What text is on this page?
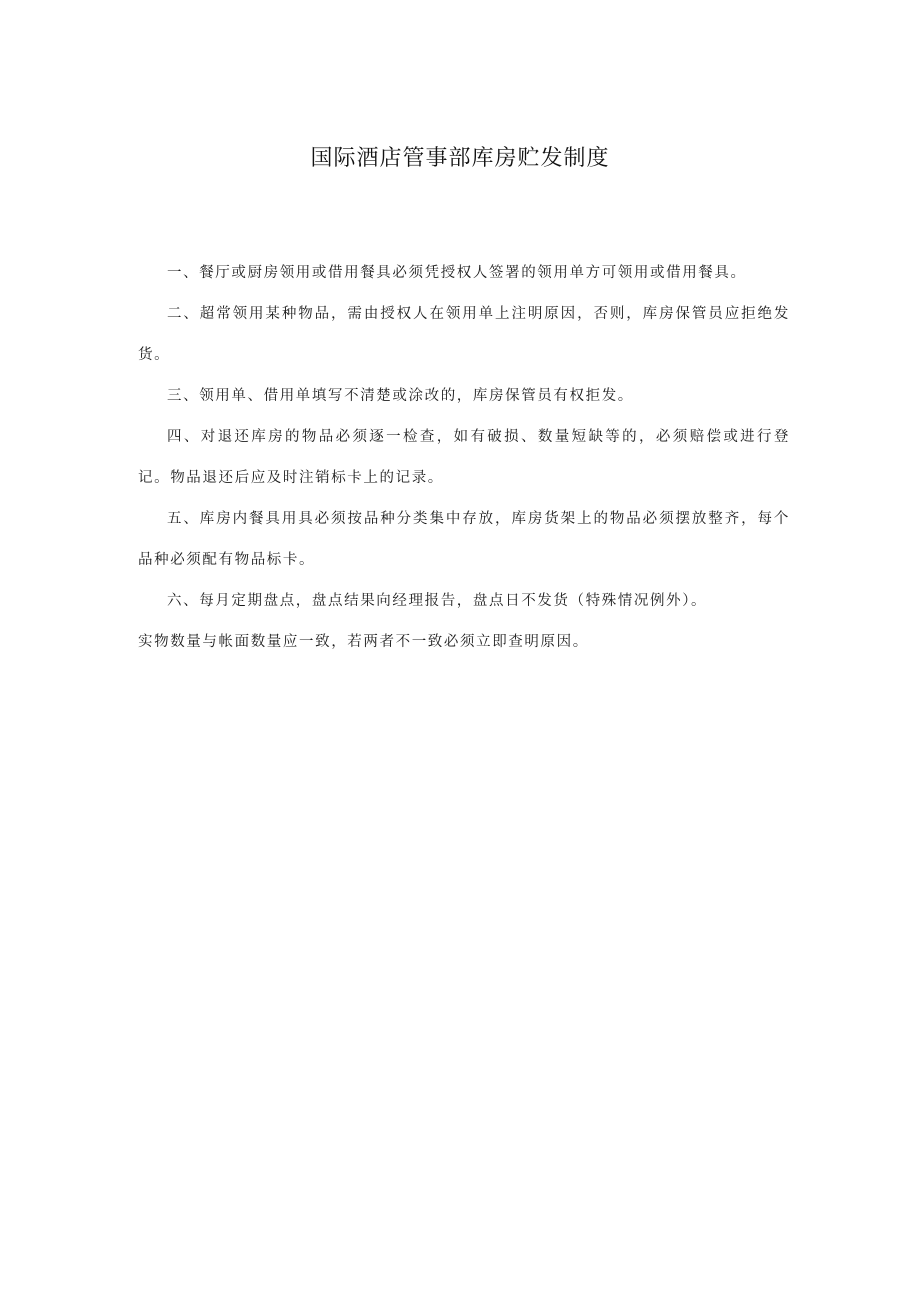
国际酒店管事部库房贮发制度

一、餐厅或厨房领用或借用餐具必须凭授权人签署的领用单方可领用或借用餐具。

二、超常领用某种物品，需由授权人在领用单上注明原因，否则，库房保管员应拒绝发货。

三、领用单、借用单填写不清楚或涂改的，库房保管员有权拒发。

四、对退还库房的物品必须逐一检查，如有破损、数量短缺等的，必须赔偿或进行登记。物品退还后应及时注销标卡上的记录。

五、库房内餐具用具必须按品种分类集中存放，库房货架上的物品必须摆放整齐，每个品种必须配有物品标卡。

六、每月定期盘点，盘点结果向经理报告，盘点日不发货（特殊情况例外）。

实物数量与帐面数量应一致，若两者不一致必须立即查明原因。
